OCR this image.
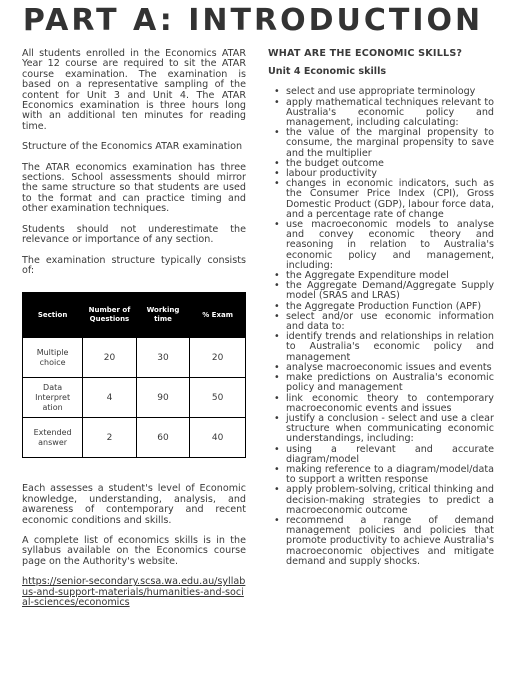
PART A: INTRODUCTION

All students enrolled in the Economics ATAR Year 12 course are required to sit the ATAR course examination. The examination is based on a representative sampling of the content for Unit 3 and Unit 4. The ATAR Economics examination is three hours long with an additional ten minutes for reading time.

Structure of the Economics ATAR examination

The ATAR economics examination has three sections. School assessments should mirror the same structure so that students are used to the format and can practice timing and other examination techniques.

Students should not underestimate the relevance or importance of any section.

The examination structure typically consists of:

Section	Number of Questions	Working time	% Exam
Multiple choice	20	30	20
Data Interpret ation	4	90	50
Extended answer	2	60	40

Each assesses a student's level of Economic knowledge, understanding, analysis, and awareness of contemporary and recent economic conditions and skills.

A complete list of economics skills is in the syllabus available on the Economics course page on the Authority's website.

https://senior-secondary.scsa.wa.edu.au/syllabus-and-support-materials/humanities-and-social-sciences/economics
WHAT ARE THE ECONOMIC SKILLS?
Unit 4 Economic skills
• select and use appropriate terminology
• apply mathematical techniques relevant to Australia's economic policy and management, including calculating:
• the value of the marginal propensity to consume, the marginal propensity to save and the multiplier
• the budget outcome
• labour productivity
• changes in economic indicators, such as the Consumer Price Index (CPI), Gross Domestic Product (GDP), labour force data, and a percentage rate of change
• use macroeconomic models to analyse and convey economic theory and reasoning in relation to Australia's economic policy and management, including:
• the Aggregate Expenditure model
• the Aggregate Demand/Aggregate Supply model (SRAS and LRAS)
• the Aggregate Production Function (APF)
• select and/or use economic information and data to:
• identify trends and relationships in relation to Australia's economic policy and management
• analyse macroeconomic issues and events
• make predictions on Australia's economic policy and management
• link economic theory to contemporary macroeconomic events and issues
• justify a conclusion - select and use a clear structure when communicating economic understandings, including:
• using a relevant and accurate diagram/model
• making reference to a diagram/model/data to support a written response
• apply problem-solving, critical thinking and decision-making strategies to predict a macroeconomic outcome
• recommend a range of demand management policies and policies that promote productivity to achieve Australia's macroeconomic objectives and mitigate demand and supply shocks.
